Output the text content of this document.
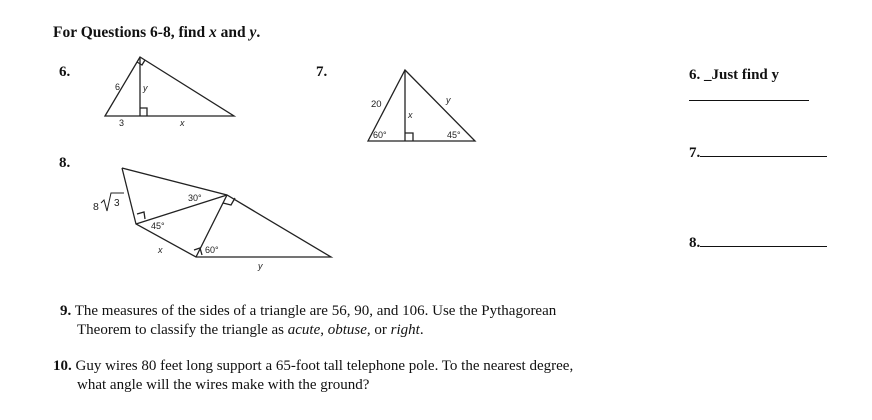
For Questions 6-8, find x and y.
6.	7.
8.
6	y
3	x
20
x
y
60°	45°
8 3	30°
45°
60°
x
y
6. _Just find y
7.
8.
9. The measures of the sides of a triangle are 56, 90, and 106. Use the Pythagorean
Theorem to classify the triangle as acute, obtuse, or right.
10. Guy wires 80 feet long support a 65-foot tall telephone pole. To the nearest degree,
what angle will the wires make with the ground?
